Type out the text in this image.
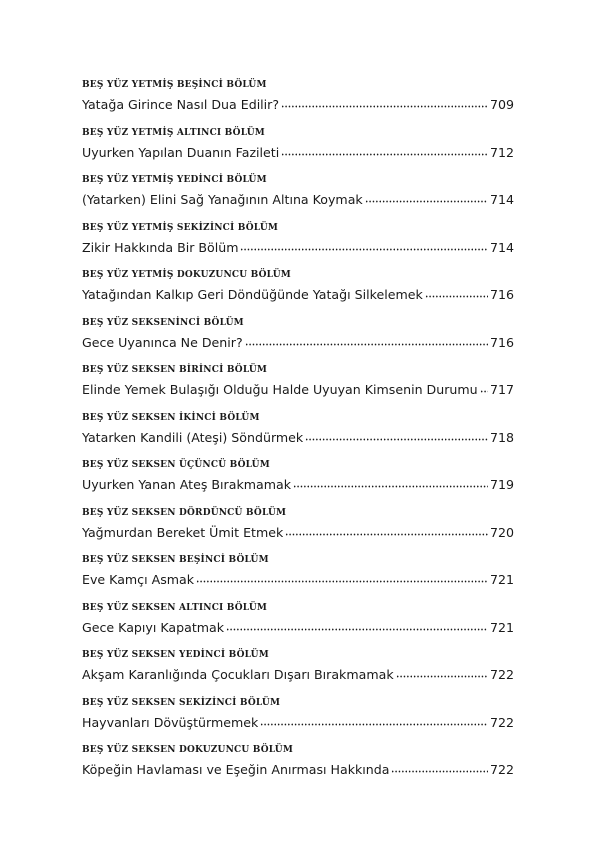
BEŞ YÜZ YETMİŞ BEŞİNCİ BÖLÜM
Yatağa Girince Nasıl Dua Edilir?	709
BEŞ YÜZ YETMİŞ ALTINCI BÖLÜM
Uyurken Yapılan Duanın Fazileti	712
BEŞ YÜZ YETMİŞ YEDİNCİ BÖLÜM
(Yatarken) Elini Sağ Yanağının Altına Koymak	714
BEŞ YÜZ YETMİŞ SEKİZİNCİ BÖLÜM
Zikir Hakkında Bir Bölüm	714
BEŞ YÜZ YETMİŞ DOKUZUNCU BÖLÜM
Yatağından Kalkıp Geri Döndüğünde Yatağı Silkelemek	716
BEŞ YÜZ SEKSENİNCİ BÖLÜM
Gece Uyanınca Ne Denir?	716
BEŞ YÜZ SEKSEN BİRİNCİ BÖLÜM
Elinde Yemek Bulaşığı Olduğu Halde Uyuyan Kimsenin Durumu 717
BEŞ YÜZ SEKSEN İKİNCİ BÖLÜM
Yatarken Kandili (Ateşi) Söndürmek	718
BEŞ YÜZ SEKSEN ÜÇÜNCÜ BÖLÜM
Uyurken Yanan Ateş Bırakmamak	719
BEŞ YÜZ SEKSEN DÖRDÜNCÜ BÖLÜM
Yağmurdan Bereket Ümit Etmek	720
BEŞ YÜZ SEKSEN BEŞİNCİ BÖLÜM
Eve Kamçı Asmak	721
BEŞ YÜZ SEKSEN ALTINCI BÖLÜM
Gece Kapıyı Kapatmak	721
BEŞ YÜZ SEKSEN YEDİNCİ BÖLÜM
Akşam Karanlığında Çocukları Dışarı Bırakmamak	722
BEŞ YÜZ SEKSEN SEKİZİNCİ BÖLÜM
Hayvanları Dövüştürmemek	722
BEŞ YÜZ SEKSEN DOKUZUNCU BÖLÜM
Köpeğin Havlaması ve Eşeğin Anırması Hakkında	722
